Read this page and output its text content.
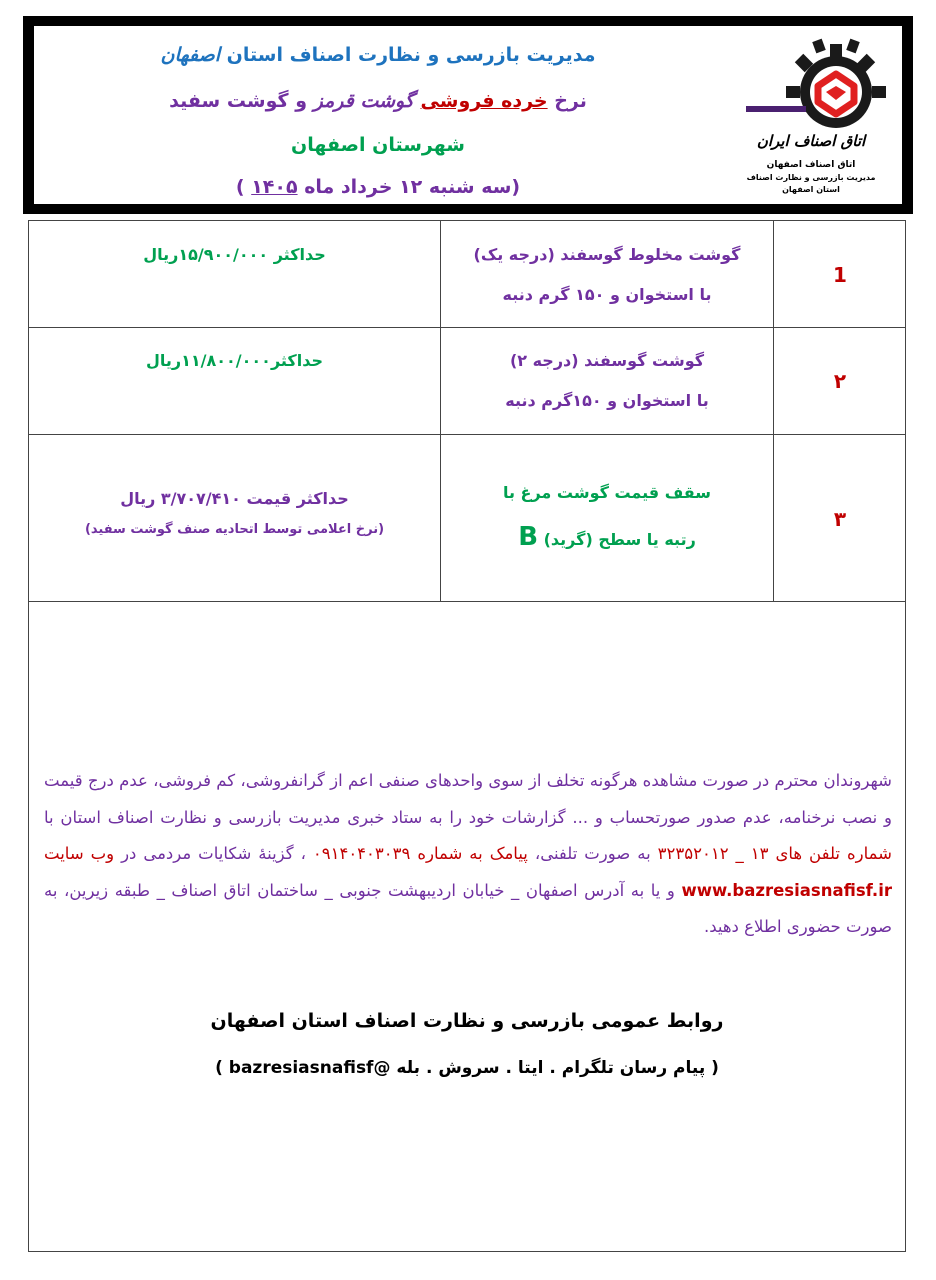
مدیریت بازرسی و نظارت اصناف استان اصفهان
نرخ خرده فروشی گوشت قرمز و گوشت سفید
شهرستان اصفهان
(سه شنبه ۱۲ خرداد ماه ۱۴۰۵ )
اتاق اصناف ایران
اتاق اصناف اصفهان
مدیریت بازرسی و نظارت اصناف
استان اصفهان
1
گوشت مخلوط گوسفند (درجه یک)
با استخوان و ۱۵۰ گرم دنبه
حداکثر ۱۵/۹۰۰/۰۰۰ریال
۲
گوشت گوسفند (درجه ۲)
با استخوان و ۱۵۰گرم دنبه
حداکثر۱۱/۸۰۰/۰۰۰ریال
۳
سقف قیمت گوشت مرغ با
رتبه یا سطح (گرید) B
حداکثر قیمت ۳/۷۰۷/۴۱۰ ریال
(نرخ اعلامی توسط اتحادیه صنف گوشت سفید)
شهروندان محترم در صورت مشاهده هرگونه تخلف از سوی واحدهای صنفی اعم از گرانفروشی، کم فروشی، عدم درج قیمت و نصب نرخنامه، عدم صدور صورتحساب و ... گزارشات خود را به ستاد خبری مدیریت بازرسی و نظارت اصناف استان با شماره تلفن های ۱۳ _ ۳۲۳۵۲۰۱۲ به صورت تلفنی، پیامک به شماره ۰۹۱۴۰۴۰۳۰۳۹ ، گزینهٔ شکایات مردمی در وب سایت www.bazresiasnafisf.ir و یا به آدرس اصفهان _ خیابان اردیبهشت جنوبی _ ساختمان اتاق اصناف _ طبقه زیرین، به صورت حضوری اطلاع دهید.
روابط عمومی بازرسی و نظارت اصناف استان اصفهان
( پیام رسان تلگرام . ایتا . سروش . بله @bazresiasnafisf )
